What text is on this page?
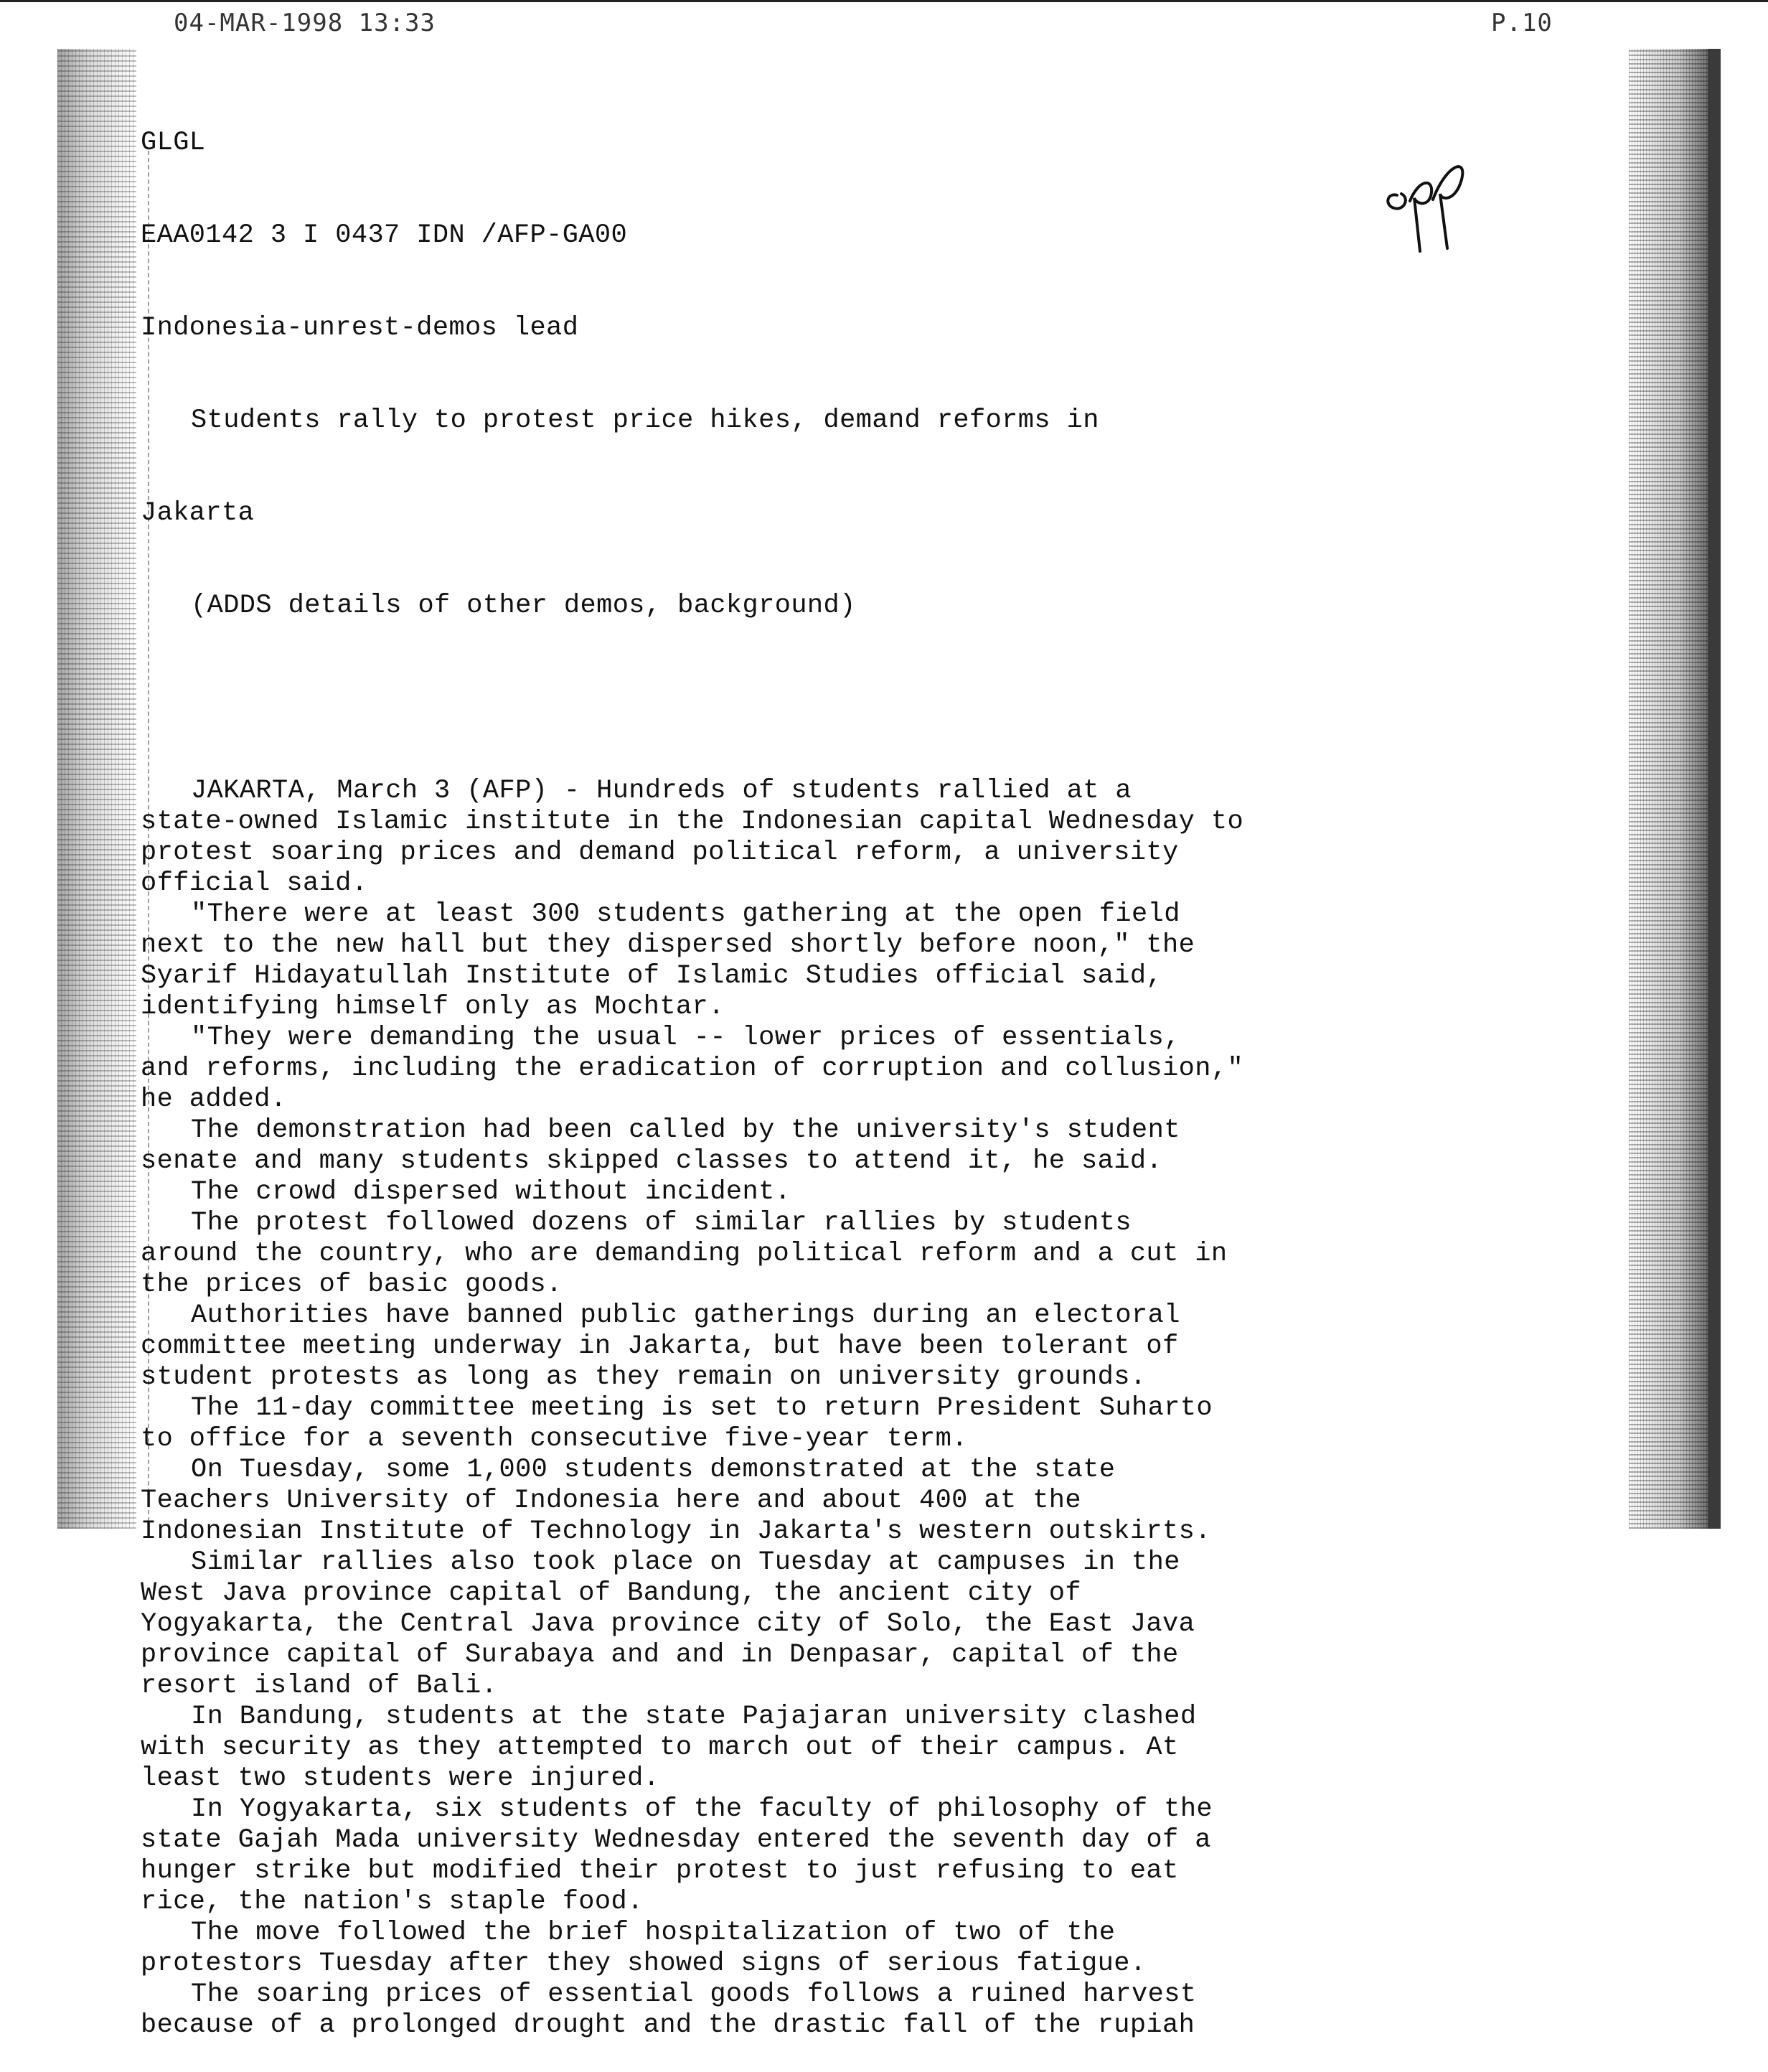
04-MAR-1998 13:33	P.10

GLGL

EAA0142 3 I 0437 IDN /AFP-GA00

Indonesia-unrest-demos lead

Students rally to protest price hikes, demand reforms in

Jakarta

(ADDS details of other demos, background)

JAKARTA, March 3 (AFP) - Hundreds of students rallied at a
state-owned Islamic institute in the Indonesian capital Wednesday to
protest soaring prices and demand political reform, a university
official said.
"There were at least 300 students gathering at the open field
next to the new hall but they dispersed shortly before noon," the
Syarif Hidayatullah Institute of Islamic Studies official said,
identifying himself only as Mochtar.
"They were demanding the usual -- lower prices of essentials,
and reforms, including the eradication of corruption and collusion,"
he added.
The demonstration had been called by the university's student
senate and many students skipped classes to attend it, he said.
The crowd dispersed without incident.
The protest followed dozens of similar rallies by students
around the country, who are demanding political reform and a cut in
the prices of basic goods.
Authorities have banned public gatherings during an electoral
committee meeting underway in Jakarta, but have been tolerant of
student protests as long as they remain on university grounds.
The 11-day committee meeting is set to return President Suharto
to office for a seventh consecutive five-year term.
On Tuesday, some 1,000 students demonstrated at the state
Teachers University of Indonesia here and about 400 at the
Indonesian Institute of Technology in Jakarta's western outskirts.
Similar rallies also took place on Tuesday at campuses in the
West Java province capital of Bandung, the ancient city of
Yogyakarta, the Central Java province city of Solo, the East Java
province capital of Surabaya and and in Denpasar, capital of the
resort island of Bali.
In Bandung, students at the state Pajajaran university clashed
with security as they attempted to march out of their campus. At
least two students were injured.
In Yogyakarta, six students of the faculty of philosophy of the
state Gajah Mada university Wednesday entered the seventh day of a
hunger strike but modified their protest to just refusing to eat
rice, the nation's staple food.
The move followed the brief hospitalization of two of the
protestors Tuesday after they showed signs of serious fatigue.
The soaring prices of essential goods follows a ruined harvest
because of a prolonged drought and the drastic fall of the rupiah
